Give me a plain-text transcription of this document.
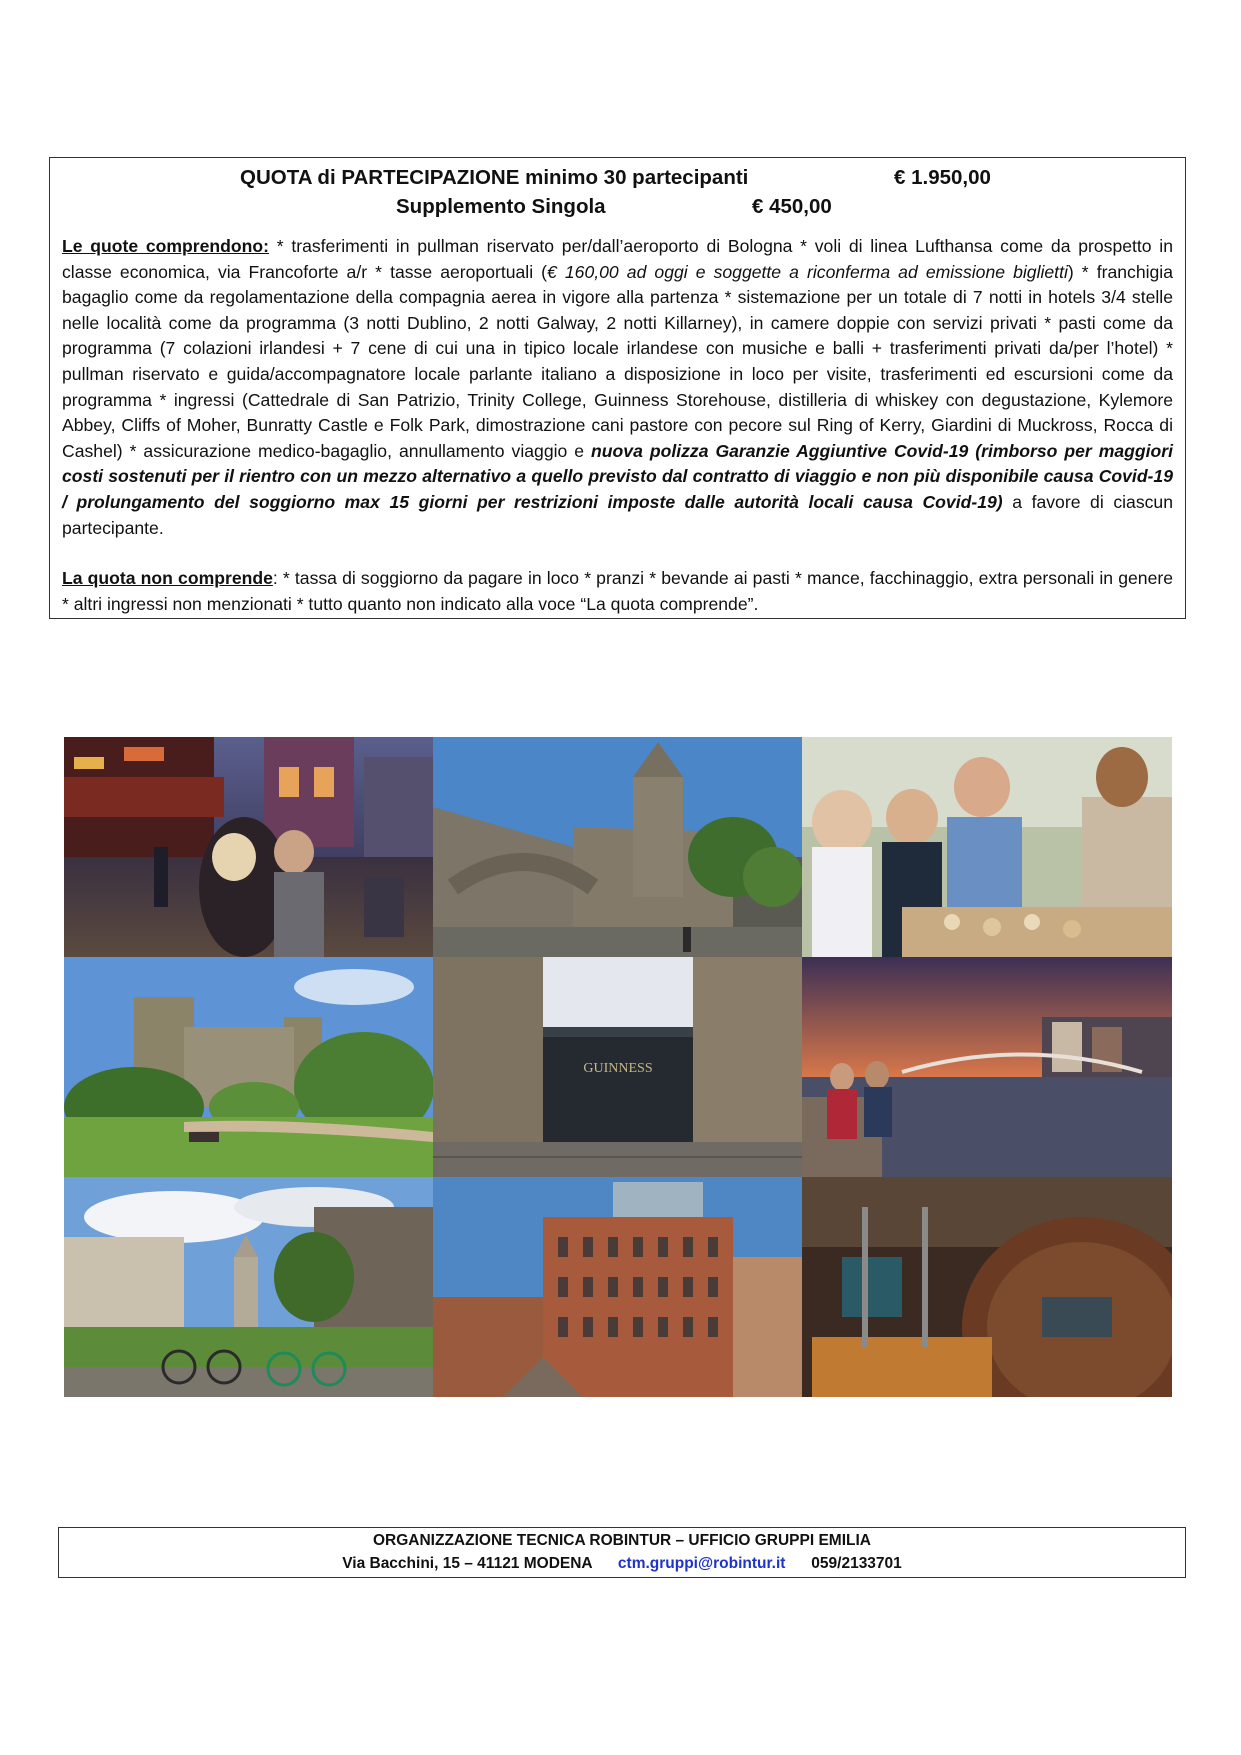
QUOTA di PARTECIPAZIONE minimo 30 partecipanti	€ 1.950,00
Supplemento Singola	€ 450,00

Le quote comprendono: * trasferimenti in pullman riservato per/dall’aeroporto di Bologna * voli di linea Lufthansa come da prospetto in classe economica, via Francoforte a/r * tasse aeroportuali (€ 160,00 ad oggi e soggette a riconferma ad emissione biglietti) * franchigia bagaglio come da regolamentazione della compagnia aerea in vigore alla partenza * sistemazione per un totale di 7 notti in hotels 3/4 stelle nelle località come da programma (3 notti Dublino, 2 notti Galway, 2 notti Killarney), in camere doppie con servizi privati * pasti come da programma (7 colazioni irlandesi + 7 cene di cui una in tipico locale irlandese con musiche e balli + trasferimenti privati da/per l’hotel) * pullman riservato e guida/accompagnatore locale parlante italiano a disposizione in loco per visite, trasferimenti ed escursioni come da programma * ingressi (Cattedrale di San Patrizio, Trinity College, Guinness Storehouse, distilleria di whiskey con degustazione, Kylemore Abbey, Cliffs of Moher, Bunratty Castle e Folk Park, dimostrazione cani pastore con pecore sul Ring of Kerry, Giardini di Muckross, Rocca di Cashel) * assicurazione medico-bagaglio, annullamento viaggio e nuova polizza Garanzie Aggiuntive Covid-19 (rimborso per maggiori costi sostenuti per il rientro con un mezzo alternativo a quello previsto dal contratto di viaggio e non più disponibile causa Covid-19 / prolungamento del soggiorno max 15 giorni per restrizioni imposte dalle autorità locali causa Covid-19) a favore di ciascun partecipante.

La quota non comprende: * tassa di soggiorno da pagare in loco * pranzi * bevande ai pasti * mance, facchinaggio, extra personali in genere * altri ingressi non menzionati * tutto quanto non indicato alla voce “La quota comprende”.

GUINNESS
ORGANIZZAZIONE TECNICA ROBINTUR – UFFICIO GRUPPI EMILIA
Via Bacchini, 15 – 41121 MODENA ctm.gruppi@robintur.it 059/2133701
